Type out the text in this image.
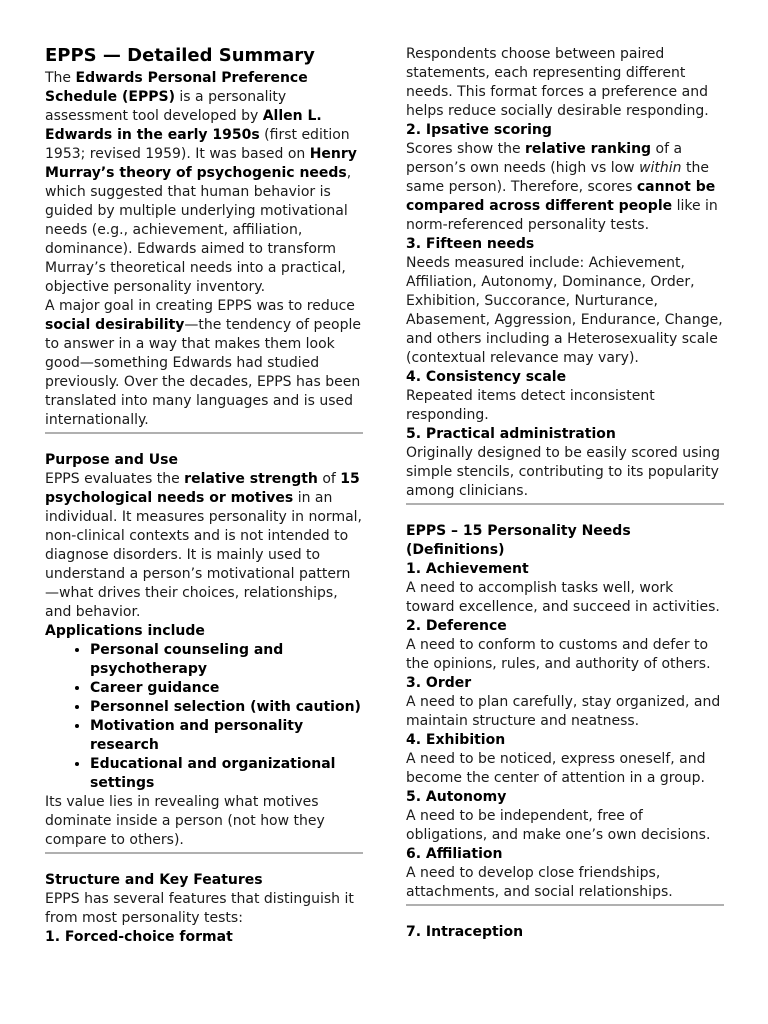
EPPS — Detailed Summary

The Edwards Personal Preference Schedule (EPPS) is a personality assessment tool developed by Allen L. Edwards in the early 1950s (first edition 1953; revised 1959). It was based on Henry Murray’s theory of psychogenic needs, which suggested that human behavior is guided by multiple underlying motivational needs (e.g., achievement, affiliation, dominance). Edwards aimed to transform Murray’s theoretical needs into a practical, objective personality inventory.

A major goal in creating EPPS was to reduce social desirability—the tendency of people to answer in a way that makes them look good—something Edwards had studied previously. Over the decades, EPPS has been translated into many languages and is used internationally.

Purpose and Use

EPPS evaluates the relative strength of 15 psychological needs or motives in an individual. It measures personality in normal, non-clinical contexts and is not intended to diagnose disorders. It is mainly used to understand a person’s motivational pattern—what drives their choices, relationships, and behavior.

Applications include
• Personal counseling and psychotherapy
• Career guidance
• Personnel selection (with caution)
• Motivation and personality research
• Educational and organizational settings

Its value lies in revealing what motives dominate inside a person (not how they compare to others).

Structure and Key Features

EPPS has several features that distinguish it from most personality tests:

1. Forced-choice format

Respondents choose between paired statements, each representing different needs. This format forces a preference and helps reduce socially desirable responding.

2. Ipsative scoring

Scores show the relative ranking of a person’s own needs (high vs low within the same person). Therefore, scores cannot be compared across different people like in norm-referenced personality tests.

3. Fifteen needs

Needs measured include: Achievement, Affiliation, Autonomy, Dominance, Order, Exhibition, Succorance, Nurturance, Abasement, Aggression, Endurance, Change, and others including a Heterosexuality scale (contextual relevance may vary).

4. Consistency scale

Repeated items detect inconsistent responding.

5. Practical administration

Originally designed to be easily scored using simple stencils, contributing to its popularity among clinicians.

EPPS – 15 Personality Needs (Definitions)
1. Achievement

A need to accomplish tasks well, work toward excellence, and succeed in activities.

2. Deference

A need to conform to customs and defer to the opinions, rules, and authority of others.

3. Order

A need to plan carefully, stay organized, and maintain structure and neatness.

4. Exhibition

A need to be noticed, express oneself, and become the center of attention in a group.

5. Autonomy

A need to be independent, free of obligations, and make one’s own decisions.

6. Affiliation

A need to develop close friendships, attachments, and social relationships.

7. Intraception
